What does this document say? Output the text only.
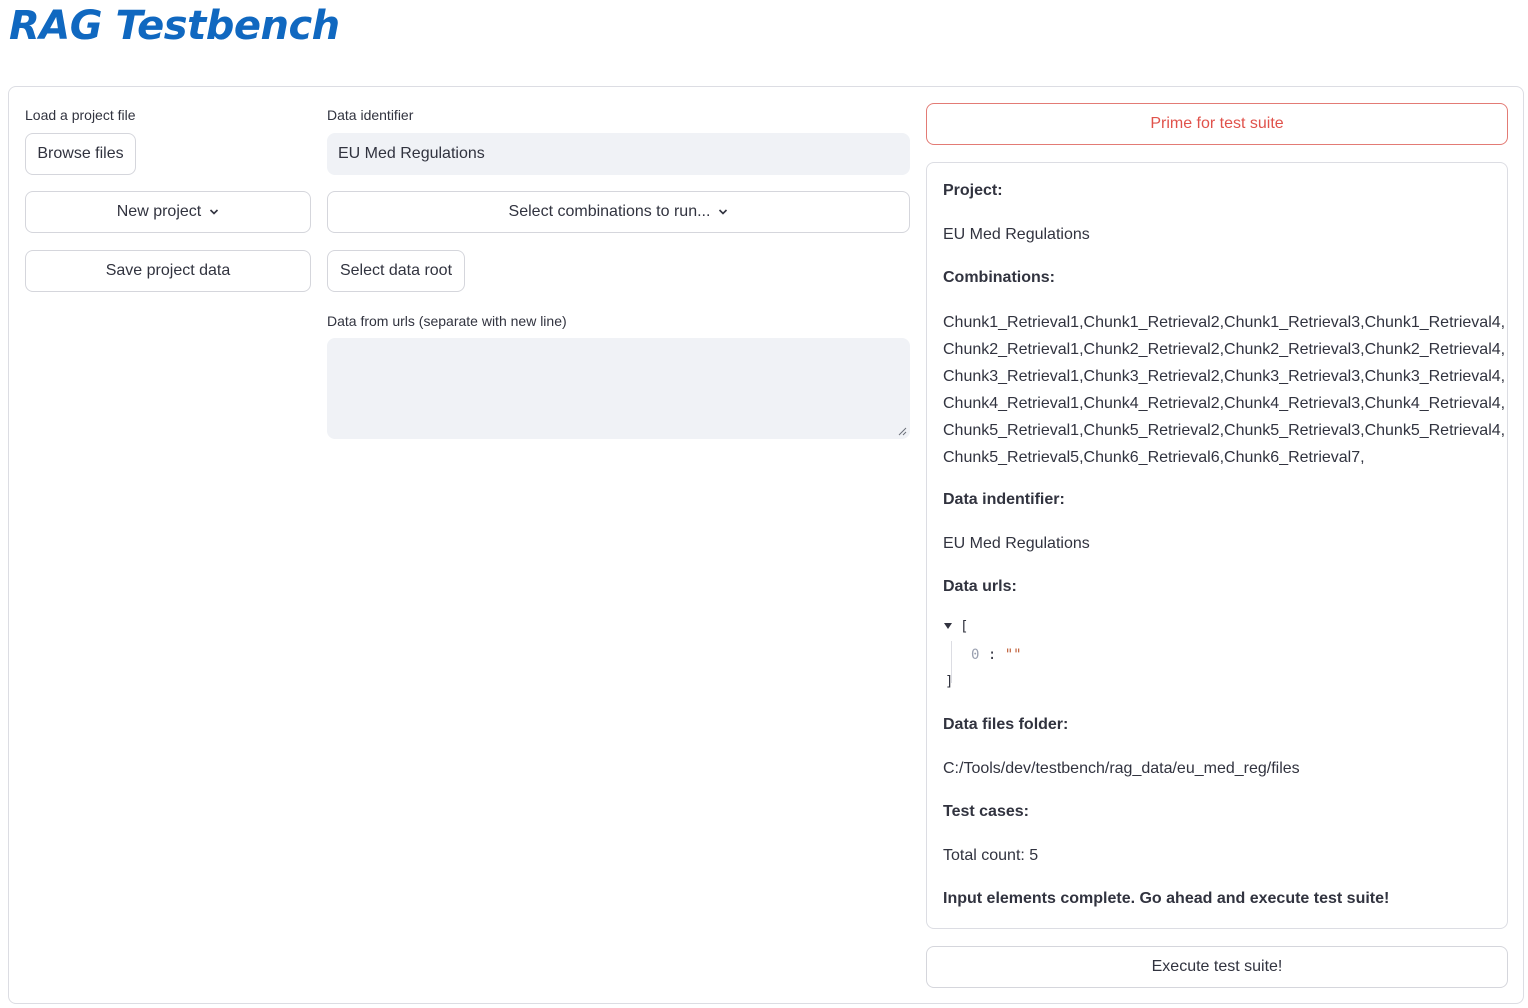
RAG Testbench
Load a project file
Browse files
New project
Save project data
Data identifier
EU Med Regulations
Select combinations to run...
Select data root
Data from urls (separate with new line)
Prime for test suite
Project:
EU Med Regulations
Combinations:
Chunk1_Retrieval1,Chunk1_Retrieval2,Chunk1_Retrieval3,Chunk1_Retrieval4,
Chunk2_Retrieval1,Chunk2_Retrieval2,Chunk2_Retrieval3,Chunk2_Retrieval4,
Chunk3_Retrieval1,Chunk3_Retrieval2,Chunk3_Retrieval3,Chunk3_Retrieval4,
Chunk4_Retrieval1,Chunk4_Retrieval2,Chunk4_Retrieval3,Chunk4_Retrieval4,
Chunk5_Retrieval1,Chunk5_Retrieval2,Chunk5_Retrieval3,Chunk5_Retrieval4,
Chunk5_Retrieval5,Chunk6_Retrieval6,Chunk6_Retrieval7,
Data indentifier:
EU Med Regulations
Data urls:
[
0 : ""
]
Data files folder:
C:/Tools/dev/testbench/rag_data/eu_med_reg/files
Test cases:
Total count: 5
Input elements complete. Go ahead and execute test suite!
Execute test suite!
